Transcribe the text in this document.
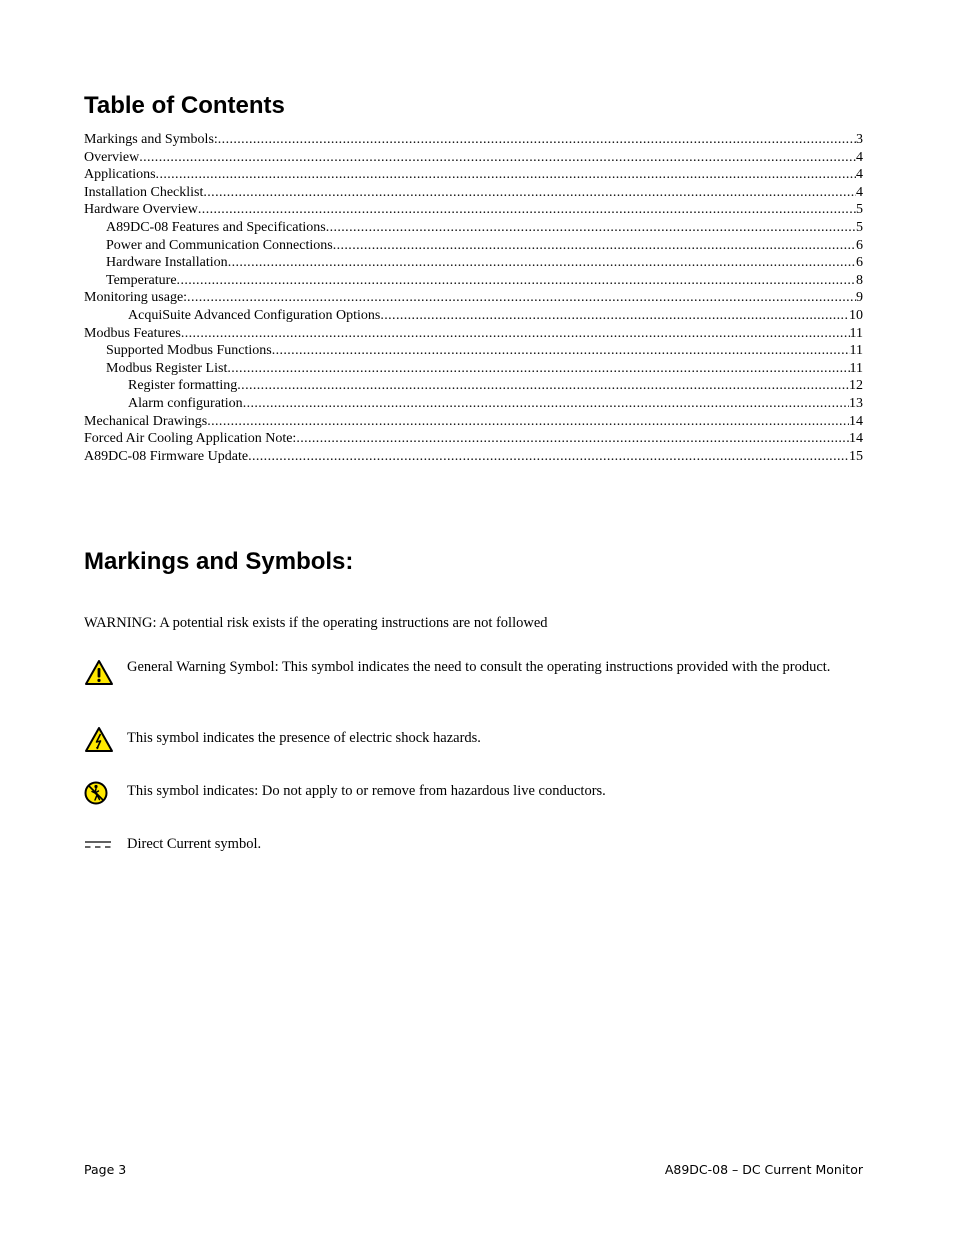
Table of Contents
Markings and Symbols: .....	3
Overview .....	4
Applications .....	4
Installation Checklist .....	4
Hardware Overview .....	5
A89DC-08 Features and Specifications .....	5
Power and Communication Connections .....	6
Hardware Installation .....	6
Temperature .....	8
Monitoring usage: .....	9
AcquiSuite Advanced Configuration Options .....	10
Modbus Features .....	11
Supported Modbus Functions .....	11
Modbus Register List .....	11
Register formatting .....	12
Alarm configuration .....	13
Mechanical Drawings .....	14
Forced Air Cooling Application Note: .....	14
A89DC-08 Firmware Update .....	15
Markings and Symbols:

WARNING: A potential risk exists if the operating instructions are not followed

General Warning Symbol: This symbol indicates the need to consult the operating instructions provided with the product.

This symbol indicates the presence of electric shock hazards.

This symbol indicates: Do not apply to or remove from hazardous live conductors.

Direct Current symbol.

Page 3	A89DC-08 – DC Current Monitor
